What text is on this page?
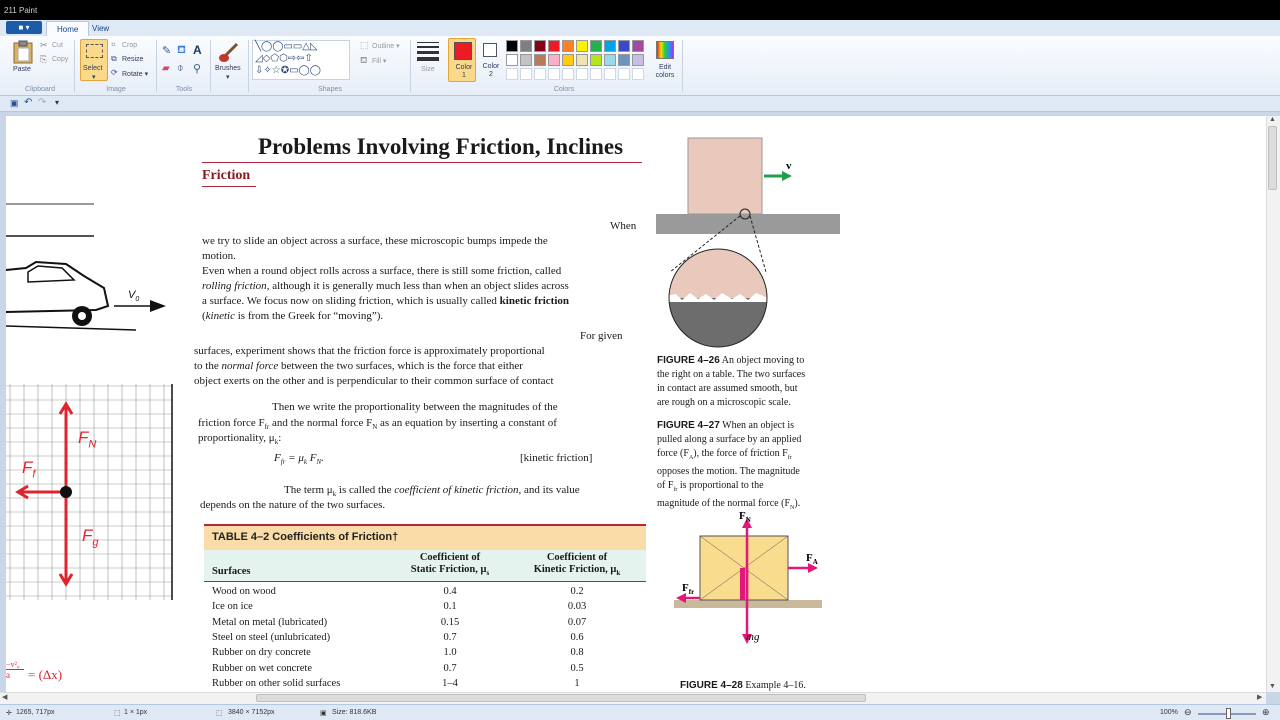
211 Paint
■ ▾	Home	View
Paste
✂ Cut
⎘ Copy
Clipboard
Select
▾
⌗ Crop
⧉ Resize
⟳ Rotate ▾
Image
✎ ⛾ A
▰ ⌽ ⚲
Tools
Brushes
▾
╲◯◯▭▭△◺
◿◇⬠⬡⇨⇦⇧
⇩✧☆✪▭◯◯
⬚ Outline ▾
⛾ Fill ▾
Shapes
Size	Color 1
Color 2
Edit colors
Colors
▣ ↶ ↷ ▾
$V_0$
$F_N$
$F_f$
$F_g$
$\frac{\text{−v²₀}}{a} = (\Delta x)$
Problems Involving Friction, Inclines
Friction
When
we try to slide an object across a surface, these microscopic bumps impede the
motion.
Even when a round object rolls across a surface, there is still some friction, called
rolling friction, although it is generally much less than when an object slides across
a surface. We focus now on sliding friction, which is usually called kinetic friction
(kinetic is from the Greek for “moving”).
For given
surfaces, experiment shows that the friction force is approximately proportional
to the normal force between the two surfaces, which is the force that either
object exerts on the other and is perpendicular to their common surface of contact
Then we write the proportionality between the magnitudes of the
friction force $F_{fr}$ and the normal force $F_N$ as an equation by inserting a constant of
proportionality, $\mu_k$:
$F_{fr} = \mu_k$ $F_N$.	[kinetic friction]
The term $\mu_k$ is called the coefficient of kinetic friction, and its value
depends on the nature of the two surfaces.
TABLE 4–2 Coefficients of Friction†
Surfaces
Coefficient of
Static Friction, $\mu_s$
Coefficient of
Kinetic Friction, $\mu_k$
Wood on wood	0.4	0.2
Ice on ice	0.1	0.03
Metal on metal (lubricated)	0.15	0.07
Steel on steel (unlubricated)	0.7	0.6
Rubber on dry concrete	1.0	0.8
Rubber on wet concrete	0.7	0.5
Rubber on other solid surfaces	1–4	1
v
FIGURE 4–26 An object moving to
the right on a table. The two surfaces
in contact are assumed smooth, but
are rough on a microscopic scale.
FIGURE 4–27 When an object is
pulled along a surface by an applied
force $(F_A)$, the force of friction $F_{fr}$
opposes the motion. The magnitude
of $F_{fr}$ is proportional to the
magnitude of the normal force $(F_N)$.
$F_N$
$F_A$
$F_{fr}$
mg
FIGURE 4–28 Example 4–16.
▲
▼
◀	▶
✛ 1265, 717px	⬚ 1 × 1px	⬚ 3840 × 7152px	▣ Size: 818.6KB	100% ⊖	⊕
